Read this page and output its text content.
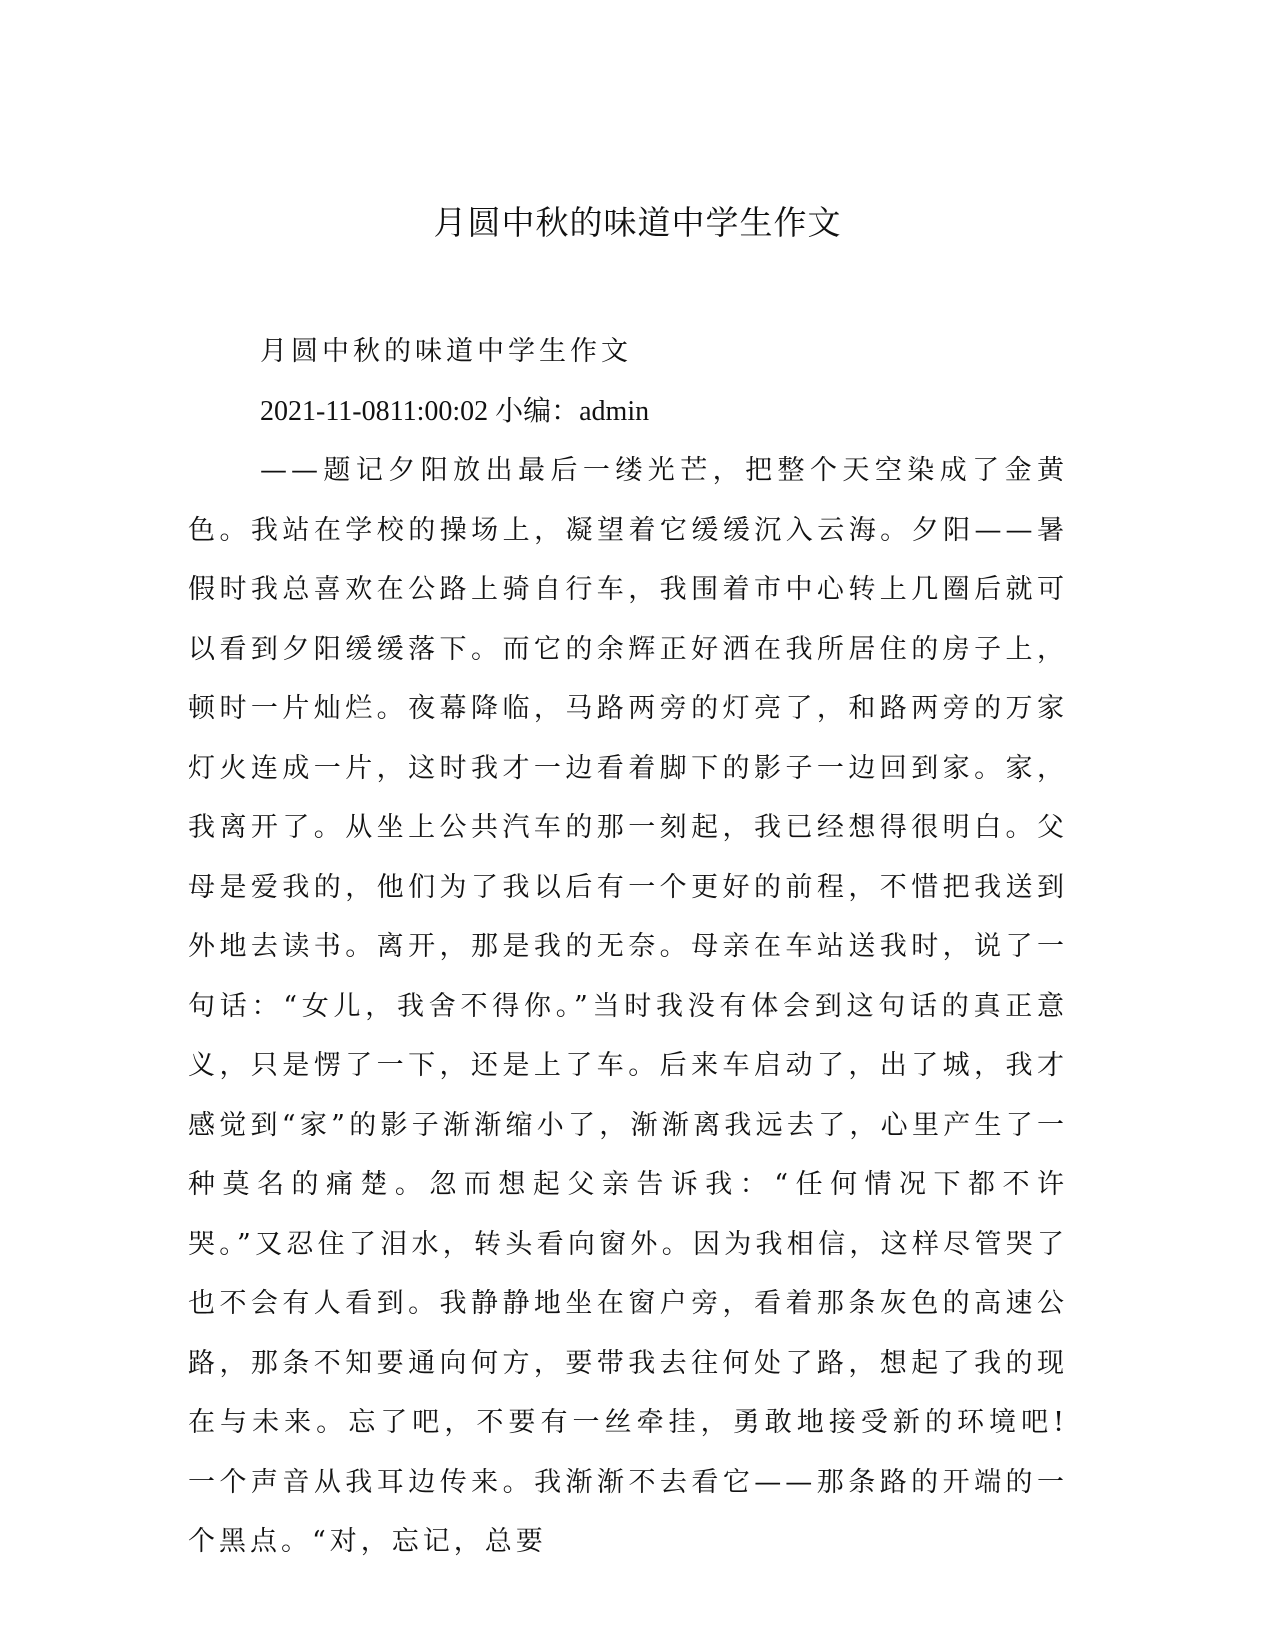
月圆中秋的味道中学生作文

月圆中秋的味道中学生作文

2021-11-0811:00:02 小编：admin

——题记夕阳放出最后一缕光芒，把整个天空染成了金黄色。我站在学校的操场上，凝望着它缓缓沉入云海。夕阳——暑假时我总喜欢在公路上骑自行车，我围着市中心转上几圈后就可以看到夕阳缓缓落下。而它的余辉正好洒在我所居住的房子上，顿时一片灿烂。夜幕降临，马路两旁的灯亮了，和路两旁的万家灯火连成一片，这时我才一边看着脚下的影子一边回到家。家，我离开了。从坐上公共汽车的那一刻起，我已经想得很明白。父母是爱我的，他们为了我以后有一个更好的前程，不惜把我送到外地去读书。离开，那是我的无奈。母亲在车站送我时，说了一句话：“女儿，我舍不得你。”当时我没有体会到这句话的真正意义，只是愣了一下，还是上了车。后来车启动了，出了城，我才感觉到“家”的影子渐渐缩小了，渐渐离我远去了，心里产生了一种莫名的痛楚。忽而想起父亲告诉我：“任何情况下都不许哭。”又忍住了泪水，转头看向窗外。因为我相信，这样尽管哭了也不会有人看到。我静静地坐在窗户旁，看着那条灰色的高速公路，那条不知要通向何方，要带我去往何处了路，想起了我的现在与未来。忘了吧，不要有一丝牵挂，勇敢地接受新的环境吧!一个声音从我耳边传来。我渐渐不去看它——那条路的开端的一个黑点。“对，忘记，总要
